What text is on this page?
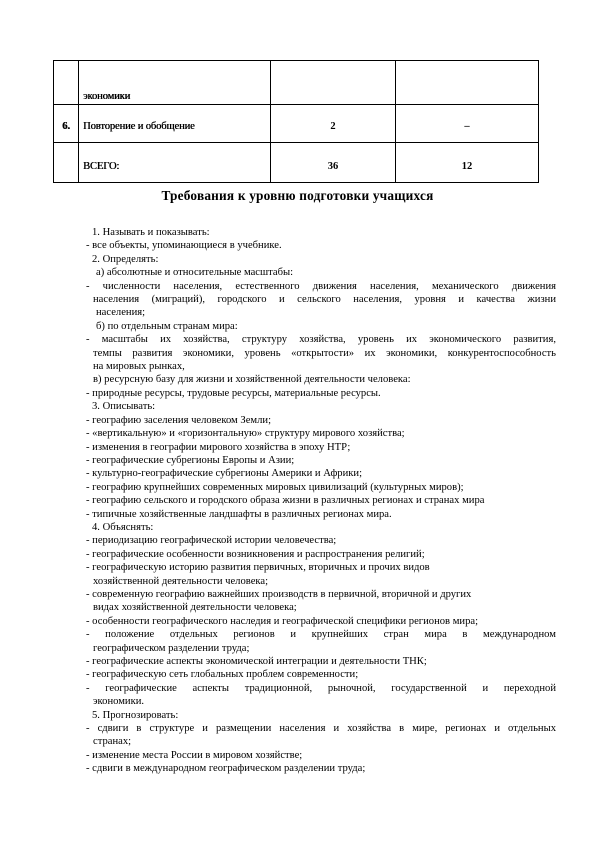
	экономики		
6.	Повторение и обобщение	2	–
	ВСЕГО:	36	12
Требования к уровню подготовки учащихся
1. Называть и показывать:
- все объекты, упоминающиеся в учебнике.
2. Определять:
а) абсолютные и относительные масштабы:
- численности населения, естественного движения населения, механического движения
населения (миграций), городского и сельского населения, уровня и качества жизни
населения;
б) по отдельным странам мира:
- масштабы их хозяйства, структуру хозяйства, уровень их экономического развития,
темпы развития экономики, уровень «открытости» их экономики, конкурентоспособность
на мировых рынках,
в) ресурсную базу для жизни и хозяйственной деятельности человека:
- природные ресурсы, трудовые ресурсы, материальные ресурсы.
3. Описывать:
- географию заселения человеком Земли;
- «вертикальную» и «горизонтальную» структуру мирового хозяйства;
- изменения в географии мирового хозяйства в эпоху НТР;
- географические субрегионы Европы и Азии;
- культурно-географические субрегионы Америки и Африки;
- географию крупнейших современных мировых цивилизаций (культурных миров);
- географию сельского и городского образа жизни в различных регионах и странах мира
- типичные хозяйственные ландшафты в различных регионах мира.
4. Объяснять:
- периодизацию географической истории человечества;
- географические особенности возникновения и распространения религий;
- географическую историю развития первичных, вторичных и прочих видов
хозяйственной деятельности человека;
- современную географию важнейших производств в первичной, вторичной и других
видах хозяйственной деятельности человека;
- особенности географического наследия и географической специфики регионов мира;
- положение отдельных регионов и крупнейших стран мира в международном
географическом разделении труда;
- географические аспекты экономической интеграции и деятельности ТНК;
- географическую сеть глобальных проблем современности;
- географические аспекты традиционной, рыночной, государственной и переходной
экономики.
5. Прогнозировать:
- сдвиги в структуре и размещении населения и хозяйства в мире, регионах и отдельных
странах;
- изменение места России в мировом хозяйстве;
- сдвиги в международном географическом разделении труда;
